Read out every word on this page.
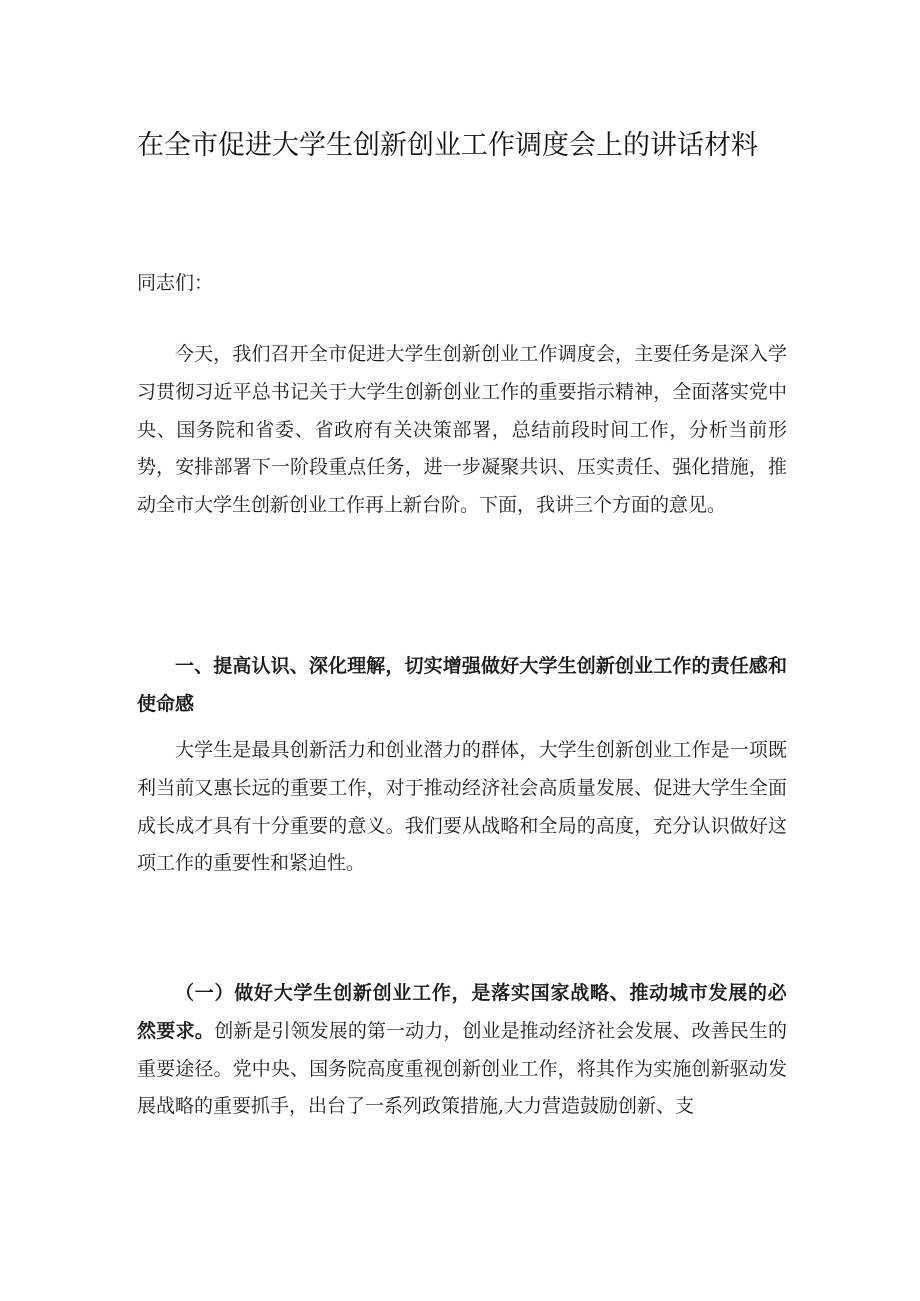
在全市促进大学生创新创业工作调度会上的讲话材料
同志们：
今天，我们召开全市促进大学生创新创业工作调度会，主要任务是深入学习贯彻习近平总书记关于大学生创新创业工作的重要指示精神，全面落实党中央、国务院和省委、省政府有关决策部署，总结前段时间工作，分析当前形势，安排部署下一阶段重点任务，进一步凝聚共识、压实责任、强化措施，推动全市大学生创新创业工作再上新台阶。下面，我讲三个方面的意见。
一、提高认识、深化理解，切实增强做好大学生创新创业工作的责任感和使命感
大学生是最具创新活力和创业潜力的群体，大学生创新创业工作是一项既利当前又惠长远的重要工作，对于推动经济社会高质量发展、促进大学生全面成长成才具有十分重要的意义。我们要从战略和全局的高度，充分认识做好这项工作的重要性和紧迫性。
（一）做好大学生创新创业工作，是落实国家战略、推动城市发展的必然要求。创新是引领发展的第一动力，创业是推动经济社会发展、改善民生的重要途径。党中央、国务院高度重视创新创业工作，将其作为实施创新驱动发展战略的重要抓手，出台了一系列政策措施,大力营造鼓励创新、支
